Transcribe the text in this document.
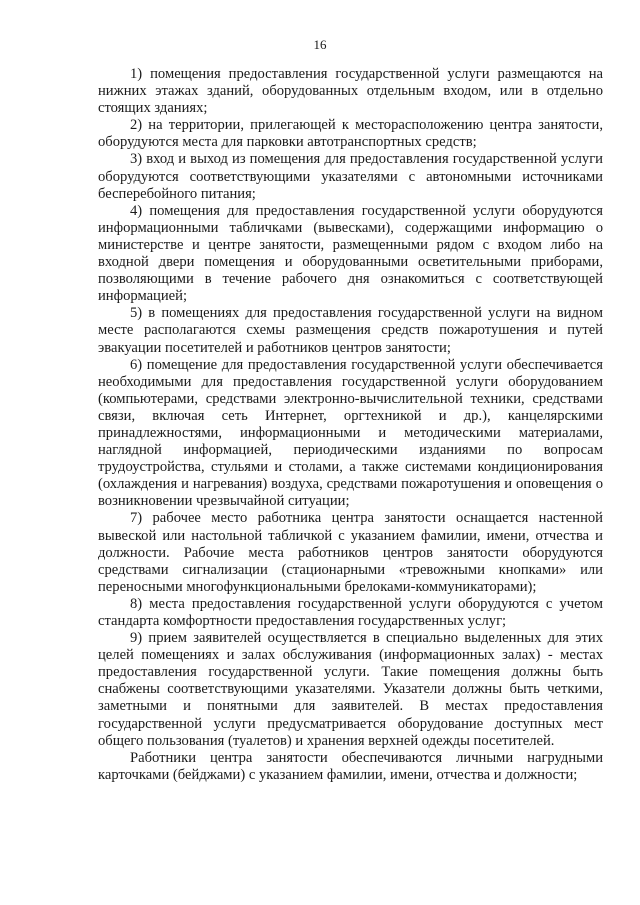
16

1) помещения предоставления государственной услуги размещаются на нижних этажах зданий, оборудованных отдельным входом, или в отдельно стоящих зданиях;

2) на территории, прилегающей к месторасположению центра занятости, оборудуются места для парковки автотранспортных средств;

3) вход и выход из помещения для предоставления государственной услуги оборудуются соответствующими указателями с автономными источниками бесперебойного питания;

4) помещения для предоставления государственной услуги оборудуются информационными табличками (вывесками), содержащими информацию о министерстве и центре занятости, размещенными рядом с входом либо на входной двери помещения и оборудованными осветительными приборами, позволяющими в течение рабочего дня ознакомиться с соответствующей информацией;

5) в помещениях для предоставления государственной услуги на видном месте располагаются схемы размещения средств пожаротушения и путей эвакуации посетителей и работников центров занятости;

6) помещение для предоставления государственной услуги обеспечивается необходимыми для предоставления государственной услуги оборудованием (компьютерами, средствами электронно-вычислительной техники, средствами связи, включая сеть Интернет, оргтехникой и др.), канцелярскими принадлежностями, информационными и методическими материалами, наглядной информацией, периодическими изданиями по вопросам трудоустройства, стульями и столами, а также системами кондиционирования (охлаждения и нагревания) воздуха, средствами пожаротушения и оповещения о возникновении чрезвычайной ситуации;

7) рабочее место работника центра занятости оснащается настенной вывеской или настольной табличкой с указанием фамилии, имени, отчества и должности. Рабочие места работников центров занятости оборудуются средствами сигнализации (стационарными «тревожными кнопками» или переносными многофункциональными брелоками-коммуникаторами);

8) места предоставления государственной услуги оборудуются с учетом стандарта комфортности предоставления государственных услуг;

9) прием заявителей осуществляется в специально выделенных для этих целей помещениях и залах обслуживания (информационных залах) - местах предоставления государственной услуги. Такие помещения должны быть снабжены соответствующими указателями. Указатели должны быть четкими, заметными и понятными для заявителей. В местах предоставления государственной услуги предусматривается оборудование доступных мест общего пользования (туалетов) и хранения верхней одежды посетителей.

Работники центра занятости обеспечиваются личными нагрудными карточками (бейджами) с указанием фамилии, имени, отчества и должности;
